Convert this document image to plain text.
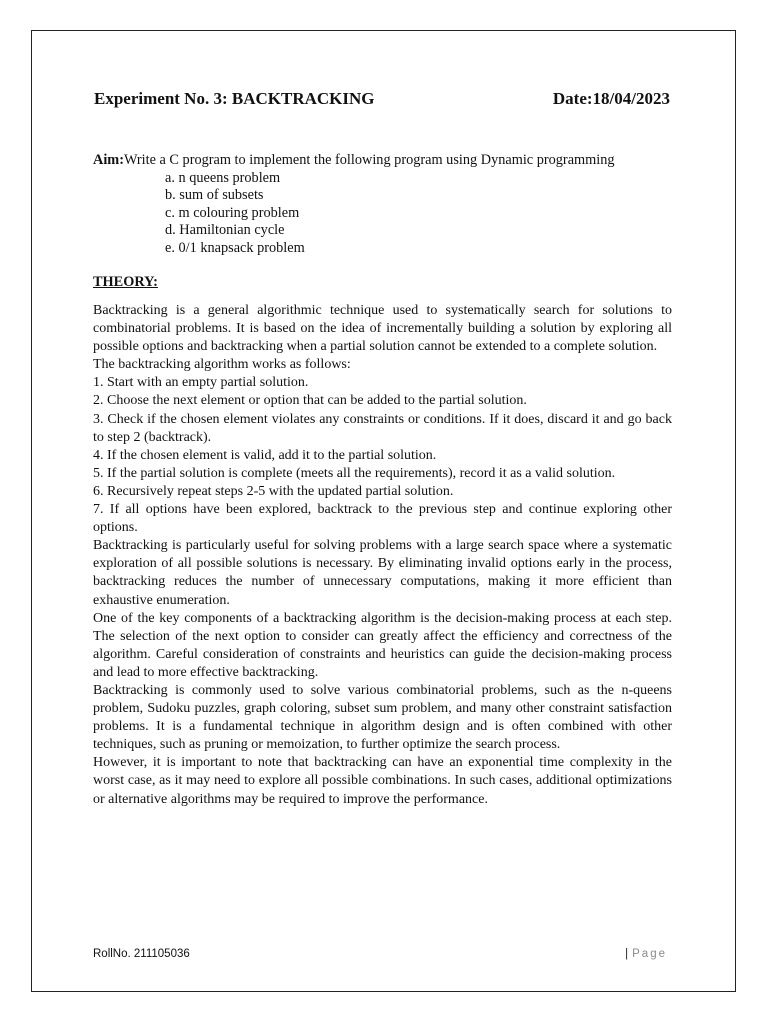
Experiment No. 3: BACKTRACKING	Date:18/04/2023
Aim:Write a C program to implement the following program using Dynamic programming
a. n queens problem
b. sum of subsets
c. m colouring problem
d. Hamiltonian cycle
e. 0/1 knapsack problem
THEORY:

Backtracking is a general algorithmic technique used to systematically search for solutions to combinatorial problems. It is based on the idea of incrementally building a solution by exploring all possible options and backtracking when a partial solution cannot be extended to a complete solution.

The backtracking algorithm works as follows:

1. Start with an empty partial solution.

2. Choose the next element or option that can be added to the partial solution.

3. Check if the chosen element violates any constraints or conditions. If it does, discard it and go back to step 2 (backtrack).

4. If the chosen element is valid, add it to the partial solution.

5. If the partial solution is complete (meets all the requirements), record it as a valid solution.

6. Recursively repeat steps 2-5 with the updated partial solution.

7. If all options have been explored, backtrack to the previous step and continue exploring other options.

Backtracking is particularly useful for solving problems with a large search space where a systematic exploration of all possible solutions is necessary. By eliminating invalid options early in the process, backtracking reduces the number of unnecessary computations, making it more efficient than exhaustive enumeration.

One of the key components of a backtracking algorithm is the decision-making process at each step. The selection of the next option to consider can greatly affect the efficiency and correctness of the algorithm. Careful consideration of constraints and heuristics can guide the decision-making process and lead to more effective backtracking.

Backtracking is commonly used to solve various combinatorial problems, such as the n-queens problem, Sudoku puzzles, graph coloring, subset sum problem, and many other constraint satisfaction problems. It is a fundamental technique in algorithm design and is often combined with other techniques, such as pruning or memoization, to further optimize the search process.

However, it is important to note that backtracking can have an exponential time complexity in the worst case, as it may need to explore all possible combinations. In such cases, additional optimizations or alternative algorithms may be required to improve the performance.

RollNo. 211105036	| Page
